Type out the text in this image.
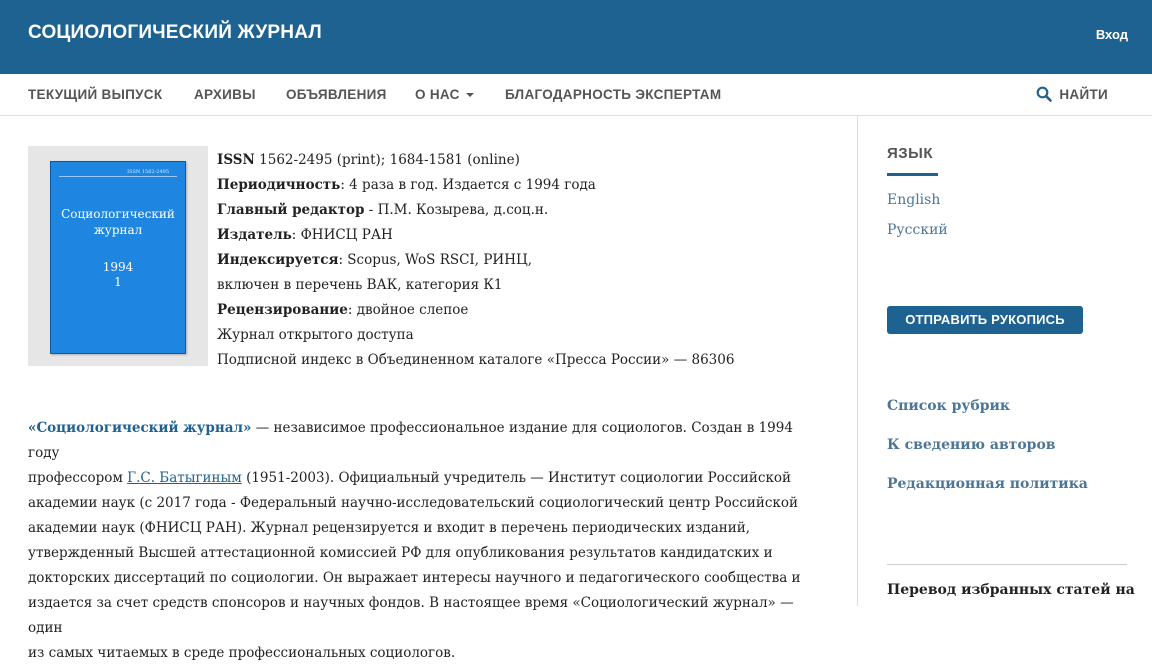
СОЦИОЛОГИЧЕСКИЙ ЖУРНАЛ	Вход
ТЕКУЩИЙ ВЫПУСК АРХИВЫ ОБЪЯВЛЕНИЯ О НАС	БЛАГОДАРНОСТЬ ЭКСПЕРТАМ	НАЙТИ
ISSN 1562-2495
Социологический
журнал
1994
1
ISSN 1562-2495 (print); 1684-1581 (online)
Периодичность: 4 раза в год. Издается с 1994 года
Главный редактор - П.М. Козырева, д.соц.н.
Издатель: ФНИСЦ РАН
Индексируется: Scopus, WoS RSCI, РИНЦ,
включен в перечень ВАК, категория К1
Рецензирование: двойное слепое
Журнал открытого доступа
Подписной индекс в Объединенном каталоге «Пресса России» — 86306
«Социологический журнал» — независимое профессиональное издание для социологов. Создан в 1994 году
профессором Г.С. Батыгиным (1951-2003). Официальный учредитель — Институт социологии Российской
академии наук (с 2017 года - Федеральный научно-исследовательский социологический центр Российской
академии наук (ФНИСЦ РАН). Журнал рецензируется и входит в перечень периодических изданий,
утвержденный Высшей аттестационной комиссией РФ для опубликования результатов кандидатских и
докторских диссертаций по социологии. Он выражает интересы научного и педагогического сообщества и
издается за счет средств спонсоров и научных фондов. В настоящее время «Социологический журнал» — один
из самых читаемых в среде профессиональных социологов.
ЯЗЫК
English
Русский
ОТПРАВИТЬ РУКОПИСЬ
Список рубрик
К сведению авторов
Редакционная политика
Перевод избранных статей на
